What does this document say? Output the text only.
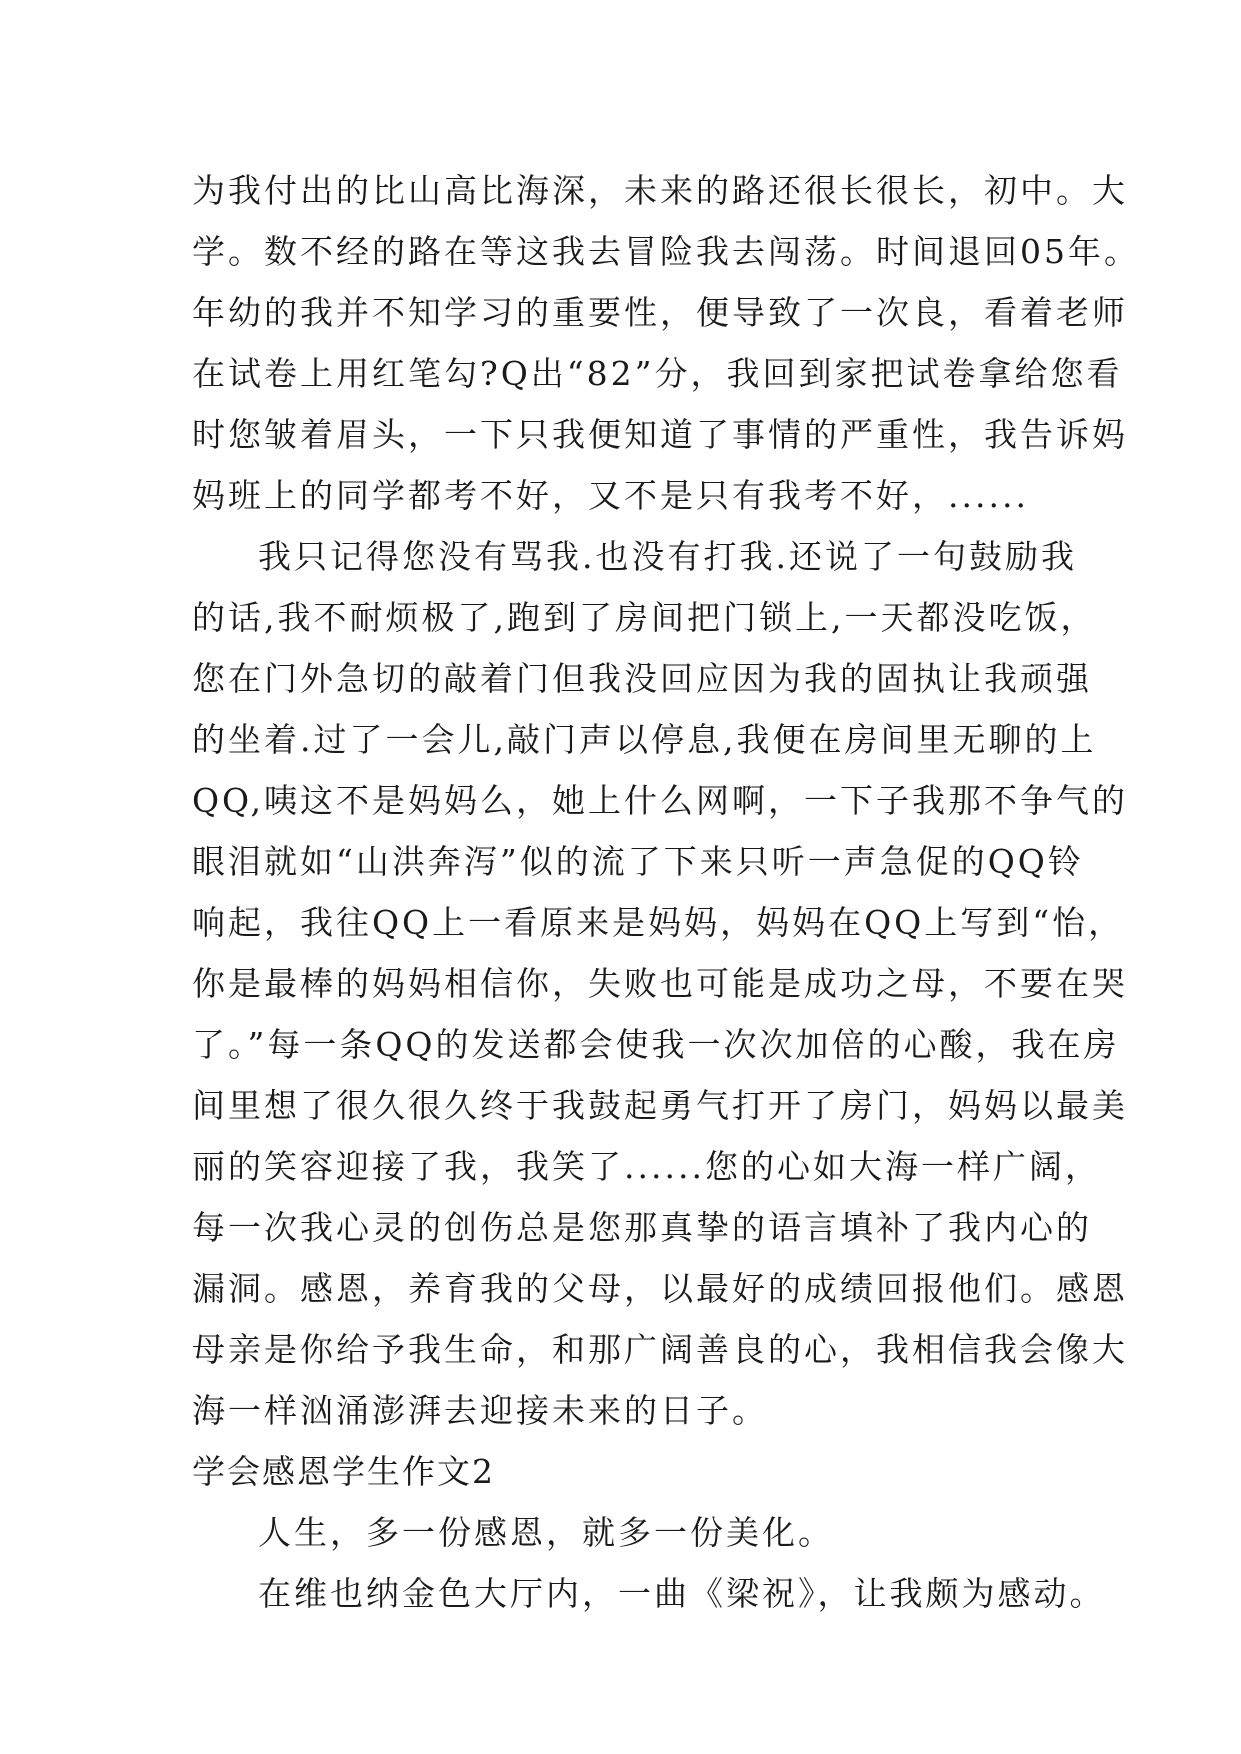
为我付出的比山高比海深，未来的路还很长很长，初中。大
学。数不经的路在等这我去冒险我去闯荡。时间退回05年。
年幼的我并不知学习的重要性，便导致了一次良，看着老师
在试卷上用红笔勾?Q出“82”分，我回到家把试卷拿给您看
时您皱着眉头，一下只我便知道了事情的严重性，我告诉妈
妈班上的同学都考不好，又不是只有我考不好，......
我只记得您没有骂我.也没有打我.还说了一句鼓励我
的话,我不耐烦极了,跑到了房间把门锁上,一天都没吃饭，
您在门外急切的敲着门但我没回应因为我的固执让我顽强
的坐着.过了一会儿,敲门声以停息,我便在房间里无聊的上
QQ,咦这不是妈妈么，她上什么网啊，一下子我那不争气的
眼泪就如“山洪奔泻”似的流了下来只听一声急促的QQ铃
响起，我往QQ上一看原来是妈妈，妈妈在QQ上写到“怡，
你是最棒的妈妈相信你，失败也可能是成功之母，不要在哭
了。”每一条QQ的发送都会使我一次次加倍的心酸，我在房
间里想了很久很久终于我鼓起勇气打开了房门，妈妈以最美
丽的笑容迎接了我，我笑了......您的心如大海一样广阔，
每一次我心灵的创伤总是您那真挚的语言填补了我内心的
漏洞。感恩，养育我的父母，以最好的成绩回报他们。感恩
母亲是你给予我生命，和那广阔善良的心，我相信我会像大
海一样汹涌澎湃去迎接未来的日子。
学会感恩学生作文2
人生，多一份感恩，就多一份美化。
在维也纳金色大厅内，一曲《梁祝》，让我颇为感动。
